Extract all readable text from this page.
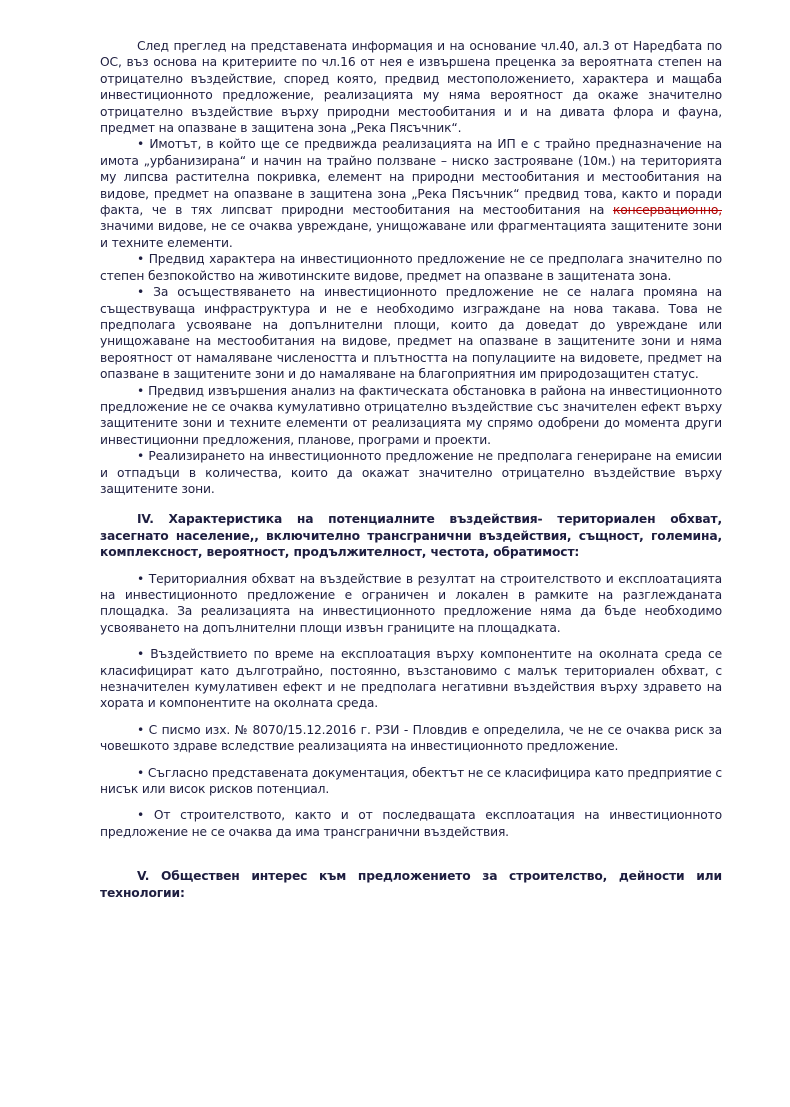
След преглед на представената информация и на основание чл.40, ал.3 от Наредбата по ОС, въз основа на критериите по чл.16 от нея е извършена преценка за вероятната степен на отрицателно въздействие, според която, предвид местоположението, характера и мащаба инвестиционното предложение, реализацията му няма вероятност да окаже значително отрицателно въздействие върху природни местообитания и и на дивата флора и фауна, предмет на опазване в защитена зона „Река Пясъчник“.

• Имотът, в който ще се предвижда реализацията на ИП е с трайно предназначение на имота „урбанизирана“ и начин на трайно ползване – ниско застрояване (10м.) на територията му липсва растителна покривка, елемент на природни местообитания и местообитания на видове, предмет на опазване в защитена зона „Река Пясъчник“ предвид това, както и поради факта, че в тях липсват природни местообитания на местообитания на консервационно, значими видове, не се очаква увреждане, унищожаване или фрагментацията защитените зони и техните елементи.

• Предвид характера на инвестиционното предложение не се предполага значително по степен безпокойство на животинските видове, предмет на опазване в защитената зона.

• За осъществяването на инвестиционното предложение не се налага промяна на съществуваща инфраструктура и не е необходимо изграждане на нова такава. Това не предполага усвояване на допълнителни площи, които да доведат до увреждане или унищожаване на местообитания на видове, предмет на опазване в защитените зони и няма вероятност от намаляване числеността и плътността на популациите на видовете, предмет на опазване в защитените зони и до намаляване на благоприятния им природозащитен статус.

• Предвид извършения анализ на фактическата обстановка в района на инвестиционното предложение не се очаква кумулативно отрицателно въздействие със значителен ефект върху защитените зони и техните елементи от реализацията му спрямо одобрени до момента други инвестиционни предложения, планове, програми и проекти.

• Реализирането на инвестиционното предложение не предполага генериране на емисии и отпадъци в количества, които да окажат значително отрицателно въздействие върху защитените зони.

IV. Характеристика на потенциалните въздействия- териториален обхват, засегнато население,, включително трансгранични въздействия, същност, големина, комплексност, вероятност, продължителност, честота, обратимост:

• Териториалния обхват на въздействие в резултат на строителството и експлоатацията на инвестиционното предложение е ограничен и локален в рамките на разглежданата площадка. За реализацията на инвестиционното предложение няма да бъде необходимо усвояването на допълнителни площи извън границите на площадката.

• Въздействието по време на експлоатация върху компонентите на околната среда се класифицират като дълготрайно, постоянно, възстановимо с малък териториален обхват, с незначителен кумулативен ефект и не предполага негативни въздействия върху здравето на хората и компонентите на околната среда.

• С писмо изх. № 8070/15.12.2016 г. РЗИ - Пловдив е определила, че не се очаква риск за човешкото здраве вследствие реализацията на инвестиционното предложение.

• Съгласно представената документация, обектът не се класифицира като предприятие с нисък или висок рисков потенциал.

• От строителството, както и от последващата експлоатация на инвестиционното предложение не се очаква да има трансгранични въздействия.

V. Обществен интерес към предложението за строителство, дейности или технологии:
